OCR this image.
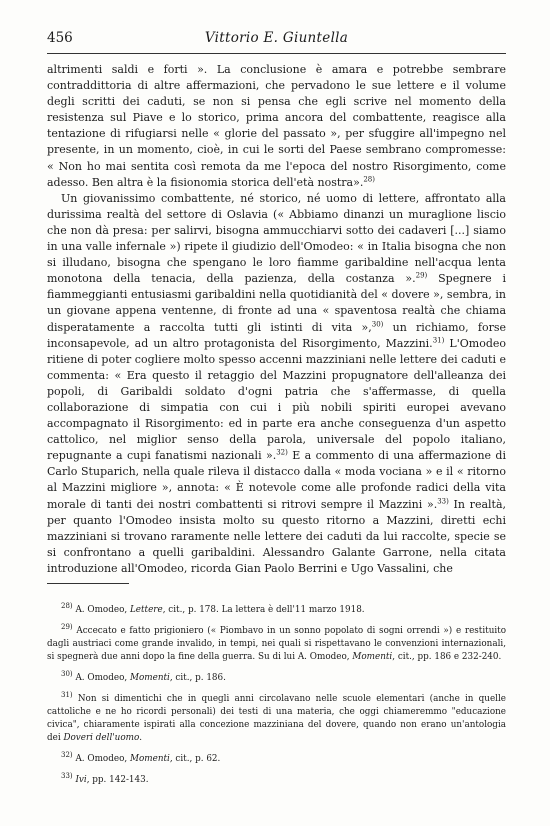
456	Vittorio E. Giuntella

altrimenti saldi e forti ». La conclusione è amara e potrebbe sembrare contraddittoria di altre affermazioni, che pervadono le sue lettere e il volume degli scritti dei caduti, se non si pensa che egli scrive nel momento della resistenza sul Piave e lo storico, prima ancora del combattente, reagisce alla tentazione di rifugiarsi nelle « glorie del passato », per sfuggire all'impegno nel presente, in un momento, cioè, in cui le sorti del Paese sembrano compromesse: « Non ho mai sentita così remota da me l'epoca del nostro Risorgimento, come adesso. Ben altra è la fisionomia storica dell'età nostra».$^{28)}$

Un giovanissimo combattente, né storico, né uomo di lettere, affrontato alla durissima realtà del settore di Oslavia (« Abbiamo dinanzi un muraglione liscio che non dà presa: per salirvi, bisogna ammucchiarvi sotto dei cadaveri [...] siamo in una valle infernale ») ripete il giudizio dell'Omodeo: « in Italia bisogna che non si illudano, bisogna che spengano le loro fiamme garibaldine nell'acqua lenta monotona della tenacia, della pazienza, della costanza ».$^{29)}$ Spegnere i fiammeggianti entusiasmi garibaldini nella quotidianità del « dovere », sembra, in un giovane appena ventenne, di fronte ad una « spaventosa realtà che chiama disperatamente a raccolta tutti gli istinti di vita »,$^{30)}$ un richiamo, forse inconsapevole, ad un altro protagonista del Risorgimento, Mazzini.$^{31)}$ L'Omodeo ritiene di poter cogliere molto spesso accenni mazziniani nelle lettere dei caduti e commenta: « Era questo il retaggio del Mazzini propugnatore dell'alleanza dei popoli, di Garibaldi soldato d'ogni patria che s'affermasse, di quella collaborazione di simpatia con cui i più nobili spiriti europei avevano accompagnato il Risorgimento: ed in parte era anche conseguenza d'un aspetto cattolico, nel miglior senso della parola, universale del popolo italiano, repugnante a cupi fanatismi nazionali ».$^{32)}$ E a commento di una affermazione di Carlo Stuparich, nella quale rileva il distacco dalla « moda vociana » e il « ritorno al Mazzini migliore », annota: « È notevole come alle profonde radici della vita morale di tanti dei nostri combattenti si ritrovi sempre il Mazzini ».$^{33)}$ In realtà, per quanto l'Omodeo insista molto su questo ritorno a Mazzini, diretti echi mazziniani si trovano raramente nelle lettere dei caduti da lui raccolte, specie se si confrontano a quelli garibaldini. Alessandro Galante Garrone, nella citata introduzione all'Omodeo, ricorda Gian Paolo Berrini e Ugo Vassalini, che

$^{28)}$ A. Omodeo, Lettere, cit., p. 178. La lettera è dell'11 marzo 1918.

$^{29)}$ Accecato e fatto prigioniero (« Piombavo in un sonno popolato di sogni orrendi ») e restituito dagli austriaci come grande invalido, in tempi, nei quali si rispettavano le convenzioni internazionali, si spegnerà due anni dopo la fine della guerra. Su di lui A. Omodeo, Momenti, cit., pp. 186 e 232-240.

$^{30)}$ A. Omodeo, Momenti, cit., p. 186.

$^{31)}$ Non si dimentichi che in quegli anni circolavano nelle scuole elementari (anche in quelle cattoliche e ne ho ricordi personali) dei testi di una materia, che oggi chiameremmo "educazione civica", chiaramente ispirati alla concezione mazziniana del dovere, quando non erano un'antologia dei Doveri dell'uomo.

$^{32)}$ A. Omodeo, Momenti, cit., p. 62.

$^{33)}$ Ivi, pp. 142-143.
